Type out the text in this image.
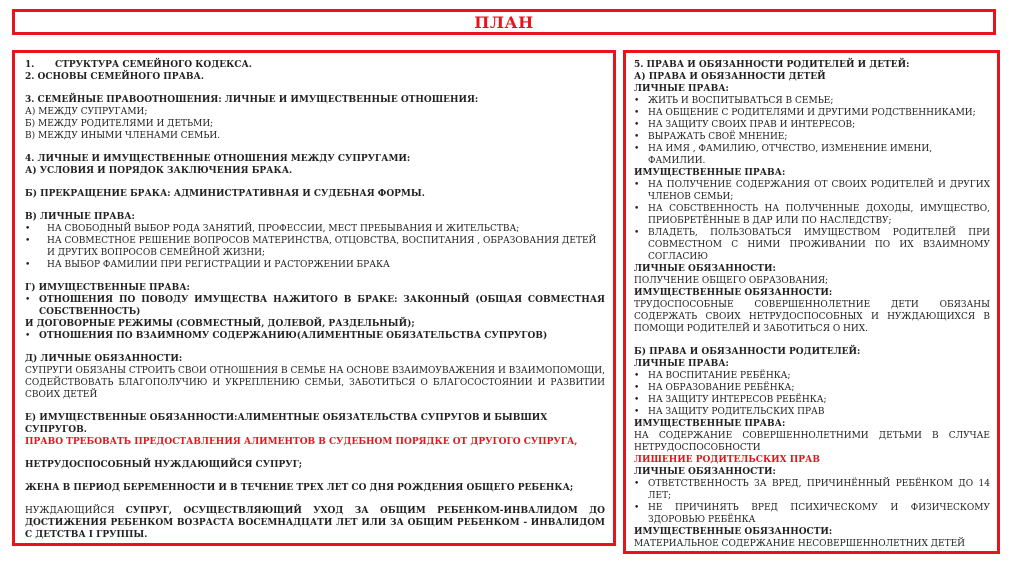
ПЛАН
1.	СТРУКТУРА СЕМЕЙНОГО КОДЕКСА.
2. ОСНОВЫ СЕМЕЙНОГО ПРАВА.
3. СЕМЕЙНЫЕ ПРАВООТНОШЕНИЯ: ЛИЧНЫЕ И ИМУЩЕСТВЕННЫЕ ОТНОШЕНИЯ:
А) МЕЖДУ СУПРУГАМИ;
Б) МЕЖДУ РОДИТЕЛЯМИ И ДЕТЬМИ;
В) МЕЖДУ ИНЫМИ ЧЛЕНАМИ СЕМЬИ.
4. ЛИЧНЫЕ И ИМУЩЕСТВЕННЫЕ ОТНОШЕНИЯ МЕЖДУ СУПРУГАМИ:
А) УСЛОВИЯ И ПОРЯДОК ЗАКЛЮЧЕНИЯ БРАКА.
Б) ПРЕКРАЩЕНИЕ БРАКА: АДМИНИСТРАТИВНАЯ И СУДЕБНАЯ ФОРМЫ.
В) ЛИЧНЫЕ ПРАВА:
•	НА СВОБОДНЫЙ ВЫБОР РОДА ЗАНЯТИЙ, ПРОФЕССИИ, МЕСТ ПРЕБЫВАНИЯ И ЖИТЕЛЬСТВА;
•	НА СОВМЕСТНОЕ РЕШЕНИЕ ВОПРОСОВ МАТЕРИНСТВА, ОТЦОВСТВА, ВОСПИТАНИЯ , ОБРАЗОВАНИЯ ДЕТЕЙ И ДРУГИХ ВОПРОСОВ СЕМЕЙНОЙ ЖИЗНИ;
•	НА ВЫБОР ФАМИЛИИ ПРИ РЕГИСТРАЦИИ И РАСТОРЖЕНИИ БРАКА
Г) ИМУЩЕСТВЕННЫЕ ПРАВА:
• ОТНОШЕНИЯ ПО ПОВОДУ ИМУЩЕСТВА НАЖИТОГО В БРАКЕ: ЗАКОННЫЙ (ОБЩАЯ СОВМЕСТНАЯ СОБСТВЕННОСТЬ)
И ДОГОВОРНЫЕ РЕЖИМЫ (СОВМЕСТНЫЙ, ДОЛЕВОЙ, РАЗДЕЛЬНЫЙ);
• ОТНОШЕНИЯ ПО ВЗАИМНОМУ СОДЕРЖАНИЮ(АЛИМЕНТНЫЕ ОБЯЗАТЕЛЬСТВА СУПРУГОВ)
Д) ЛИЧНЫЕ ОБЯЗАННОСТИ:
СУПРУГИ ОБЯЗАНЫ СТРОИТЬ СВОИ ОТНОШЕНИЯ В СЕМЬЕ НА ОСНОВЕ ВЗАИМОУВАЖЕНИЯ И ВЗАИМОПОМОЩИ, СОДЕЙСТВОВАТЬ БЛАГОПОЛУЧИЮ И УКРЕПЛЕНИЮ СЕМЬИ, ЗАБОТИТЬСЯ О БЛАГОСОСТОЯНИИ И РАЗВИТИИ СВОИХ ДЕТЕЙ
Е) ИМУЩЕСТВЕННЫЕ ОБЯЗАННОСТИ:АЛИМЕНТНЫЕ ОБЯЗАТЕЛЬСТВА СУПРУГОВ И БЫВШИХ СУПРУГОВ.
ПРАВО ТРЕБОВАТЬ ПРЕДОСТАВЛЕНИЯ АЛИМЕНТОВ В СУДЕБНОМ ПОРЯДКЕ ОТ ДРУГОГО СУПРУГА,
НЕТРУДОСПОСОБНЫЙ НУЖДАЮЩИЙСЯ СУПРУГ;
ЖЕНА В ПЕРИОД БЕРЕМЕННОСТИ И В ТЕЧЕНИЕ ТРЕХ ЛЕТ СО ДНЯ РОЖДЕНИЯ ОБЩЕГО РЕБЕНКА;
НУЖДАЮЩИЙСЯ СУПРУГ, ОСУЩЕСТВЛЯЮЩИЙ УХОД ЗА ОБЩИМ РЕБЕНКОМ-ИНВАЛИДОМ ДО ДОСТИЖЕНИЯ РЕБЕНКОМ ВОЗРАСТА ВОСЕМНАДЦАТИ ЛЕТ ИЛИ ЗА ОБЩИМ РЕБЕНКОМ - ИНВАЛИДОМ С ДЕТСТВА I ГРУППЫ.
5. ПРАВА И ОБЯЗАННОСТИ РОДИТЕЛЕЙ И ДЕТЕЙ:
А) ПРАВА И ОБЯЗАННОСТИ ДЕТЕЙ
ЛИЧНЫЕ ПРАВА:
• ЖИТЬ И ВОСПИТЫВАТЬСЯ В СЕМЬЕ;
• НА ОБЩЕНИЕ С РОДИТЕЛЯМИ И ДРУГИМИ РОДСТВЕННИКАМИ;
• НА ЗАЩИТУ СВОИХ ПРАВ И ИНТЕРЕСОВ;
• ВЫРАЖАТЬ СВОЁ МНЕНИЕ;
• НА ИМЯ , ФАМИЛИЮ, ОТЧЕСТВО, ИЗМЕНЕНИЕ ИМЕНИ, ФАМИЛИИ.
ИМУЩЕСТВЕННЫЕ ПРАВА:
• НА ПОЛУЧЕНИЕ СОДЕРЖАНИЯ ОТ СВОИХ РОДИТЕЛЕЙ И ДРУГИХ ЧЛЕНОВ СЕМЬИ;
• НА СОБСТВЕННОСТЬ НА ПОЛУЧЕННЫЕ ДОХОДЫ, ИМУЩЕСТВО, ПРИОБРЕТЁННЫЕ В ДАР ИЛИ ПО НАСЛЕДСТВУ;
• ВЛАДЕТЬ, ПОЛЬЗОВАТЬСЯ ИМУЩЕСТВОМ РОДИТЕЛЕЙ ПРИ СОВМЕСТНОМ С НИМИ ПРОЖИВАНИИ ПО ИХ ВЗАИМНОМУ СОГЛАСИЮ
ЛИЧНЫЕ ОБЯЗАННОСТИ:
ПОЛУЧЕНИЕ ОБЩЕГО ОБРАЗОВАНИЯ;
ИМУЩЕСТВЕННЫЕ ОБЯЗАННОСТИ:
ТРУДОСПОСОБНЫЕ СОВЕРШЕННОЛЕТНИЕ ДЕТИ ОБЯЗАНЫ СОДЕРЖАТЬ СВОИХ НЕТРУДОСПОСОБНЫХ И НУЖДАЮЩИХСЯ В ПОМОЩИ РОДИТЕЛЕЙ И ЗАБОТИТЬСЯ О НИХ.
Б) ПРАВА И ОБЯЗАННОСТИ РОДИТЕЛЕЙ:
ЛИЧНЫЕ ПРАВА:
• НА ВОСПИТАНИЕ РЕБЁНКА;
• НА ОБРАЗОВАНИЕ РЕБЁНКА;
• НА ЗАЩИТУ ИНТЕРЕСОВ РЕБЁНКА;
• НА ЗАЩИТУ РОДИТЕЛЬСКИХ ПРАВ
ИМУЩЕСТВЕННЫЕ ПРАВА:
НА СОДЕРЖАНИЕ СОВЕРШЕННОЛЕТНИМИ ДЕТЬМИ В СЛУЧАЕ НЕТРУДОСПОСОБНОСТИ
ЛИШЕНИЕ РОДИТЕЛЬСКИХ ПРАВ
ЛИЧНЫЕ ОБЯЗАННОСТИ:
• ОТВЕТСТВЕННОСТЬ ЗА ВРЕД, ПРИЧИНЁННЫЙ РЕБЁНКОМ ДО 14 ЛЕТ;
• НЕ ПРИЧИНЯТЬ ВРЕД ПСИХИЧЕСКОМУ И ФИЗИЧЕСКОМУ ЗДОРОВЬЮ РЕБЁНКА
ИМУЩЕСТВЕННЫЕ ОБЯЗАННОСТИ:
МАТЕРИАЛЬНОЕ СОДЕРЖАНИЕ НЕСОВЕРШЕННОЛЕТНИХ ДЕТЕЙ
